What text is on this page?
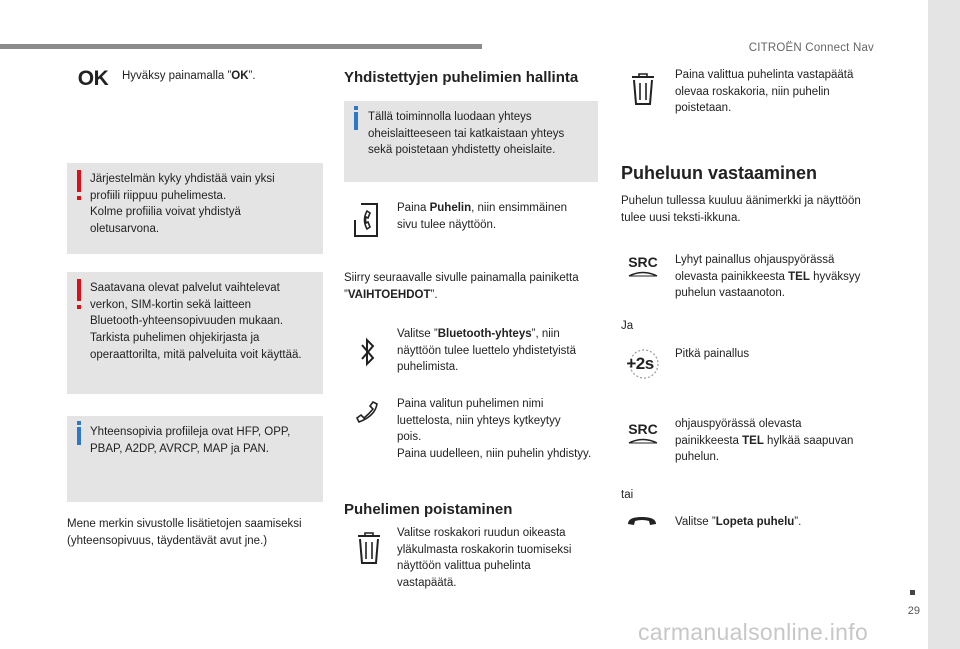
CITROËN Connect Nav
29
carmanualsonline.info
OK Hyväksy painamalla ”OK”.
Järjestelmän kyky yhdistää vain yksi
profiili riippuu puhelimesta.
Kolme profiilia voivat yhdistyä
oletusarvona.
Saatavana olevat palvelut vaihtelevat
verkon, SIM-kortin sekä laitteen
Bluetooth-yhteensopivuuden mukaan.
Tarkista puhelimen ohjekirjasta ja
operaattorilta, mitä palveluita voit käyttää.
Yhteensopivia profiileja ovat HFP, OPP,
PBAP, A2DP, AVRCP, MAP ja PAN.
Mene merkin sivustolle lisätietojen saamiseksi
(yhteensopivuus, täydentävät avut jne.)
Yhdistettyjen puhelimien hallinta
Tällä toiminnolla luodaan yhteys
oheislaitteeseen tai katkaistaan yhteys
sekä poistetaan yhdistetty oheislaite.
Paina Puhelin, niin ensimmäinen
sivu tulee näyttöön.
Siirry seuraavalle sivulle painamalla painiketta
”VAIHTOEHDOT”.
Valitse ”Bluetooth-yhteys”, niin
näyttöön tulee luettelo yhdistetyistä
puhelimista.
Paina valitun puhelimen nimi
luettelosta, niin yhteys kytkeytyy
pois.
Paina uudelleen, niin puhelin yhdistyy.
Puhelimen poistaminen
Valitse roskakori ruudun oikeasta
yläkulmasta roskakorin tuomiseksi
näyttöön valittua puhelinta
vastapäätä.
Paina valittua puhelinta vastapäätä
olevaa roskakoria, niin puhelin
poistetaan.
Puheluun vastaaminen
Puhelun tullessa kuuluu äänimerkki ja näyttöön
tulee uusi teksti-ikkuna.
SRC Lyhyt painallus ohjauspyörässä
olevasta painikkeesta TEL hyväksyy
puhelun vastaanoton.
Ja
+2s Pitkä painallus
SRC ohjauspyörässä olevasta
painikkeesta TEL hylkää saapuvan
puhelun.
tai
Valitse ”Lopeta puhelu”.
